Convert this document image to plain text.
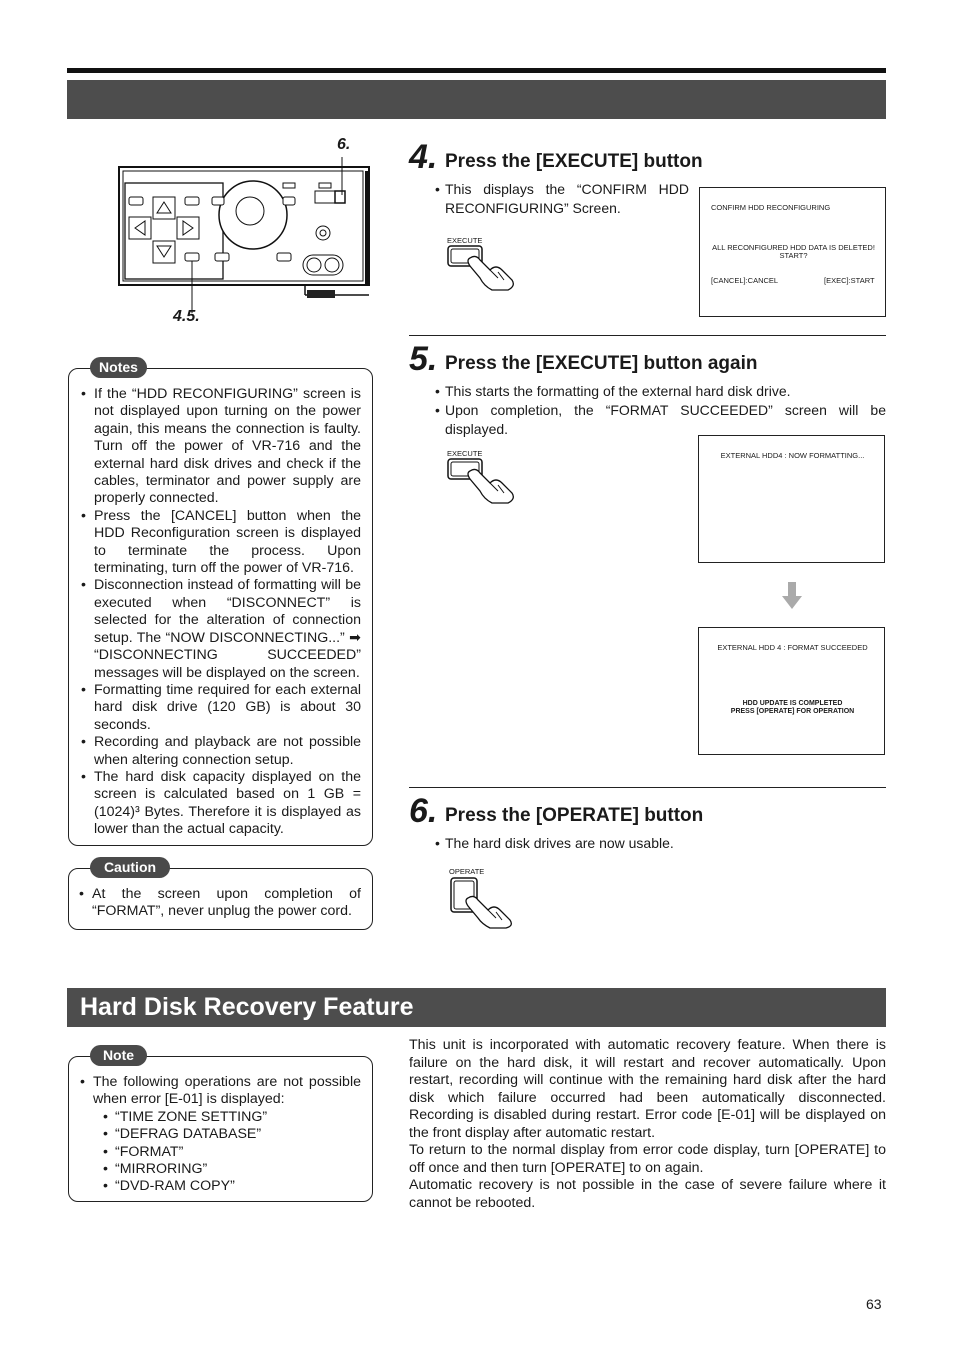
6.
4.5.
• If the “HDD RECONFIGURING” screen is not displayed upon turning on the power again, this means the connection is faulty. Turn off the power of VR-716 and the external hard disk drives and check if the cables, terminator and power supply are properly connected.
• Press the [CANCEL] button when the HDD Reconfiguration screen is displayed to terminate the process. Upon terminating, turn off the power of VR-716.
• Disconnection instead of formatting will be executed when “DISCONNECT” is selected for the alteration of connection setup. The “NOW DISCONNECTING...” ➡ “DISCONNECTING SUCCEEDED” messages will be displayed on the screen.
• Formatting time required for each external hard disk drive (120 GB) is about 30 seconds.
• Recording and playback are not possible when altering connection setup.
• The hard disk capacity displayed on the screen is calculated based on 1 GB = (1024)³ Bytes. Therefore it is displayed as lower than the actual capacity.
Notes
• At the screen upon completion of “FORMAT”, never unplug the power cord.
Caution
4. Press the [EXECUTE] button
• This displays the “CONFIRM HDD RECONFIGURING” Screen.
EXECUTE
CONFIRM HDD RECONFIGURING
ALL RECONFIGURED HDD DATA IS DELETED!
START?
[CANCEL]:CANCEL	[EXEC]:START
5. Press the [EXECUTE] button again
• This starts the formatting of the external hard disk drive.
• Upon completion, the “FORMAT SUCCEEDED” screen will be displayed.
EXECUTE	EXTERNAL HDD4 : NOW FORMATTING...
EXTERNAL HDD 4 : FORMAT SUCCEEDED
HDD UPDATE IS COMPLETED
PRESS [OPERATE] FOR OPERATION
6. Press the [OPERATE] button
• The hard disk drives are now usable.
OPERATE
Hard Disk Recovery Feature
• The following operations are not possible when error [E-01] is displayed:
• “TIME ZONE SETTING”
• “DEFRAG DATABASE”
• “FORMAT”
• “MIRRORING”
• “DVD-RAM COPY”
Note

This unit is incorporated with automatic recovery feature. When there is failure on the hard disk, it will restart and recover automatically. Upon restart, recording will continue with the remaining hard disk after the hard disk which failure occurred had been automatically disconnected. Recording is disabled during restart. Error code [E-01] will be displayed on the front display after automatic restart.

To return to the normal display from error code display, turn [OPERATE] to off once and then turn [OPERATE] to on again.

Automatic recovery is not possible in the case of severe failure where it cannot be rebooted.

63
